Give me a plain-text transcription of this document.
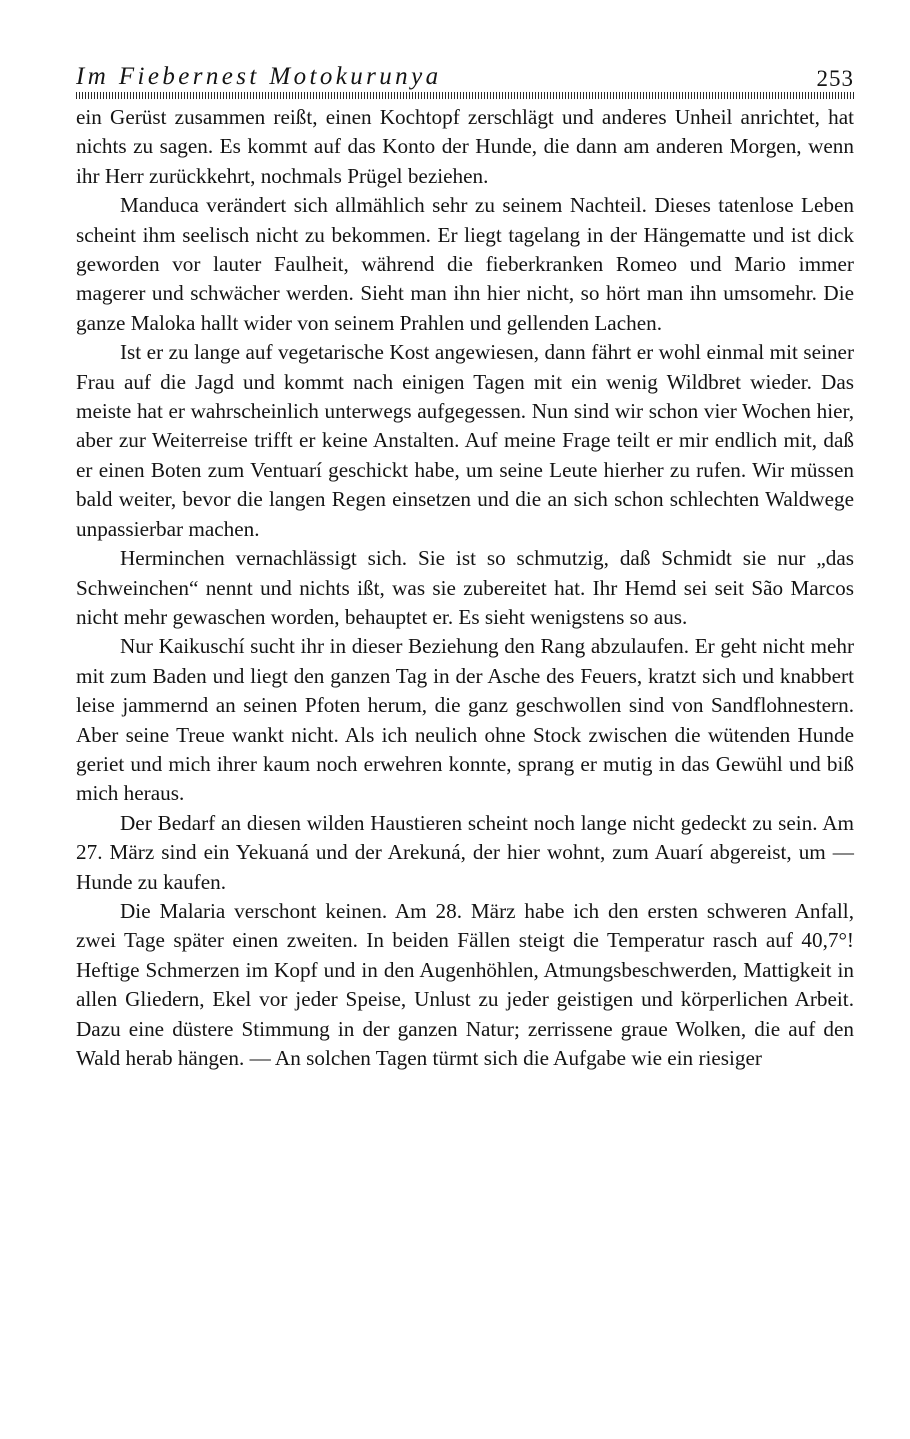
Im Fiebernest Motokurunya	253

ein Gerüst zusammen reißt, einen Kochtopf zerschlägt und anderes Unheil anrichtet, hat nichts zu sagen. Es kommt auf das Konto der Hunde, die dann am anderen Morgen, wenn ihr Herr zurückkehrt, nochmals Prügel beziehen.

Manduca verändert sich allmählich sehr zu seinem Nachteil. Dieses tatenlose Leben scheint ihm seelisch nicht zu bekommen. Er liegt tagelang in der Hängematte und ist dick geworden vor lauter Faulheit, während die fieberkranken Romeo und Mario immer magerer und schwächer werden. Sieht man ihn hier nicht, so hört man ihn umsomehr. Die ganze Maloka hallt wider von seinem Prahlen und gellenden Lachen.

Ist er zu lange auf vegetarische Kost angewiesen, dann fährt er wohl einmal mit seiner Frau auf die Jagd und kommt nach einigen Tagen mit ein wenig Wildbret wieder. Das meiste hat er wahrscheinlich unterwegs aufgegessen. Nun sind wir schon vier Wochen hier, aber zur Weiterreise trifft er keine Anstalten. Auf meine Frage teilt er mir endlich mit, daß er einen Boten zum Ventuarí geschickt habe, um seine Leute hierher zu rufen. Wir müssen bald weiter, bevor die langen Regen einsetzen und die an sich schon schlechten Waldwege unpassierbar machen.

Herminchen vernachlässigt sich. Sie ist so schmutzig, daß Schmidt sie nur „das Schweinchen“ nennt und nichts ißt, was sie zubereitet hat. Ihr Hemd sei seit São Marcos nicht mehr gewaschen worden, behauptet er. Es sieht wenigstens so aus.

Nur Kaikuschí sucht ihr in dieser Beziehung den Rang abzulaufen. Er geht nicht mehr mit zum Baden und liegt den ganzen Tag in der Asche des Feuers, kratzt sich und knabbert leise jammernd an seinen Pfoten herum, die ganz geschwollen sind von Sandflohnestern. Aber seine Treue wankt nicht. Als ich neulich ohne Stock zwischen die wütenden Hunde geriet und mich ihrer kaum noch erwehren konnte, sprang er mutig in das Gewühl und biß mich heraus.

Der Bedarf an diesen wilden Haustieren scheint noch lange nicht gedeckt zu sein. Am 27. März sind ein Yekuaná und der Arekuná, der hier wohnt, zum Auarí abgereist, um — Hunde zu kaufen.

Die Malaria verschont keinen. Am 28. März habe ich den ersten schweren Anfall, zwei Tage später einen zweiten. In beiden Fällen steigt die Temperatur rasch auf 40,7°! Heftige Schmerzen im Kopf und in den Augenhöhlen, Atmungsbeschwerden, Mattigkeit in allen Gliedern, Ekel vor jeder Speise, Unlust zu jeder geistigen und körperlichen Arbeit. Dazu eine düstere Stimmung in der ganzen Natur; zerrissene graue Wolken, die auf den Wald herab hängen. — An solchen Tagen türmt sich die Aufgabe wie ein riesiger
